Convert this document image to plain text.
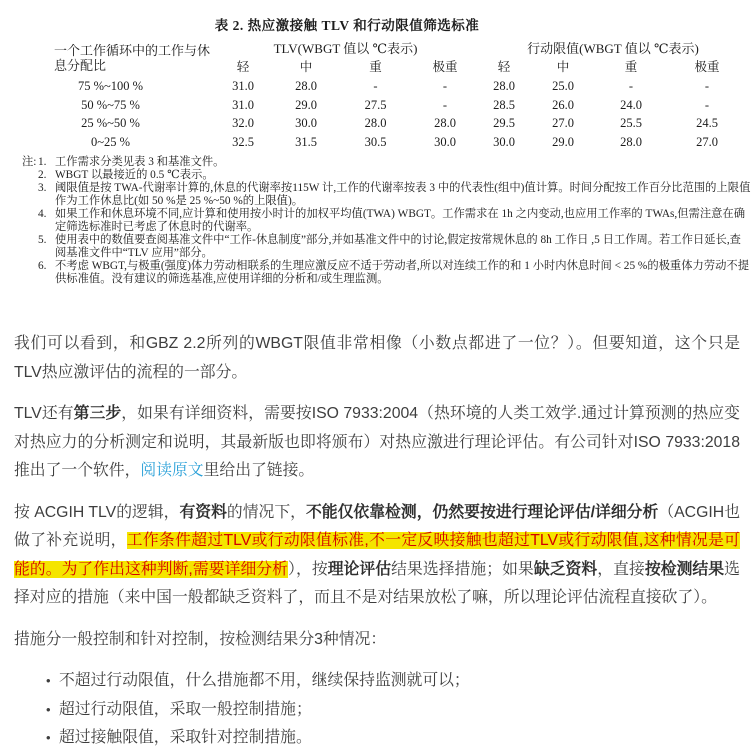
表 2. 热应激接触 TLV 和行动限值筛选标准
一个工作循环中的工作与休息分配比	TLV(WBGT 值以 ℃表示)				行动限值(WBGT 值以 ℃表示)			
	轻	中	重	极重	轻	中	重	极重
75 %~100 %	31.0	28.0	-	-	28.0	25.0	-	-
50 %~75 %	31.0	29.0	27.5	-	28.5	26.0	24.0	-
25 %~50 %	32.0	30.0	28.0	28.0	29.5	27.0	25.5	24.5
0~25 %	32.5	31.5	30.5	30.0	30.0	29.0	28.0	27.0
注: 1. 工作需求分类见表 3 和基准文件。
2. WBGT 以最接近的 0.5 ℃表示。
3. 阈限值是按 TWA-代谢率计算的,休息的代谢率按115W 计,工作的代谢率按表 3 中的代表性(组中)值计算。时间分配按工作百分比范围的上限值作为工作休息比(如 50 %是 25 %~50 %的上限值)。
4. 如果工作和休息环境不同,应计算和使用按小时计的加权平均值(TWA) WBGT。工作需求在 1h 之内变动,也应用工作率的 TWAs,但需注意在确定筛选标准时已考虑了休息时的代谢率。
5. 使用表中的数值要查阅基准文件中“工作-休息制度”部分,并如基准文件中的讨论,假定按常规休息的 8h 工作日 ,5 日工作周。若工作日延长,查阅基准文件中“TLV 应用”部分。
6. 不考虑 WBGT,与极重(强度)体力劳动相联系的生理应激反应不适于劳动者,所以对连续工作的和 1 小时内休息时间 < 25 %的极重体力劳动不提供标准值。没有建议的筛选基准,应使用详细的分析和/或生理监测。

我们可以看到，和GBZ 2.2所列的WBGT限值非常相像（小数点都进了一位？）。但要知道，这个只是TLV热应激评估的流程的一部分。

TLV还有第三步，如果有详细资料，需要按ISO 7933:2004（热环境的人类工效学.通过计算预测的热应变对热应力的分析测定和说明，其最新版也即将颁布）对热应激进行理论评估。有公司针对ISO 7933:2018推出了一个软件，阅读原文里给出了链接。

按 ACGIH TLV的逻辑，有资料的情况下，不能仅依靠检测，仍然要按进行理论评估/详细分析（ACGIH也做了补充说明，工作条件超过TLV或行动限值标准,不一定反映接触也超过TLV或行动限值,这种情况是可能的。为了作出这种判断,需要详细分析），按理论评估结果选择措施；如果缺乏资料，直接按检测结果选择对应的措施（来中国一般都缺乏资料了，而且不是对结果放松了嘛，所以理论评估流程直接砍了）。

措施分一般控制和针对控制，按检测结果分3种情况：

• 不超过行动限值，什么措施都不用，继续保持监测就可以；
• 超过行动限值，采取一般控制措施；
• 超过接触限值，采取针对控制措施。
